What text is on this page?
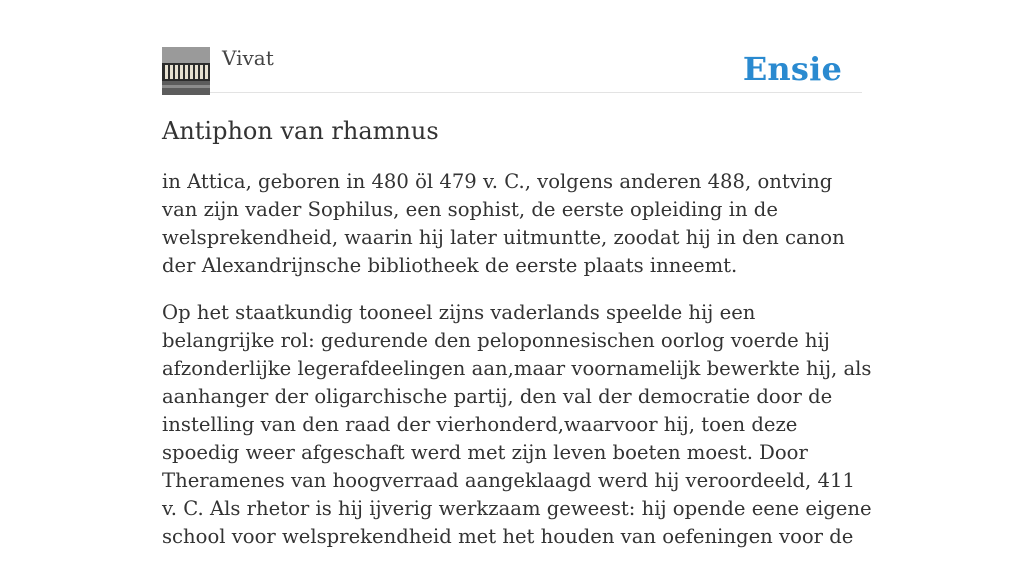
Vivat	Ensie
Antiphon van rhamnus

in Attica, geboren in 480 öl 479 v. C., volgens anderen 488, ontving van zijn vader Sophilus, een sophist, de eerste opleiding in de welsprekendheid, waarin hij later uitmuntte, zoodat hij in den canon der Alexandrijnsche bibliotheek de eerste plaats inneemt.

Op het staatkundig tooneel zijns vaderlands speelde hij een belangrijke rol: gedurende den peloponnesischen oorlog voerde hij afzonderlijke legerafdeelingen aan,maar voornamelijk bewerkte hij, als aanhanger der oligarchische partij, den val der democratie door de instelling van den raad der vierhonderd,waarvoor hij, toen deze spoedig weer afgeschaft werd met zijn leven boeten moest. Door Theramenes van hoogverraad aangeklaagd werd hij veroordeeld, 411 v. C. Als rhetor is hij ijverig werkzaam geweest: hij opende eene eigene school voor welsprekendheid met het houden van oefeningen voor de
